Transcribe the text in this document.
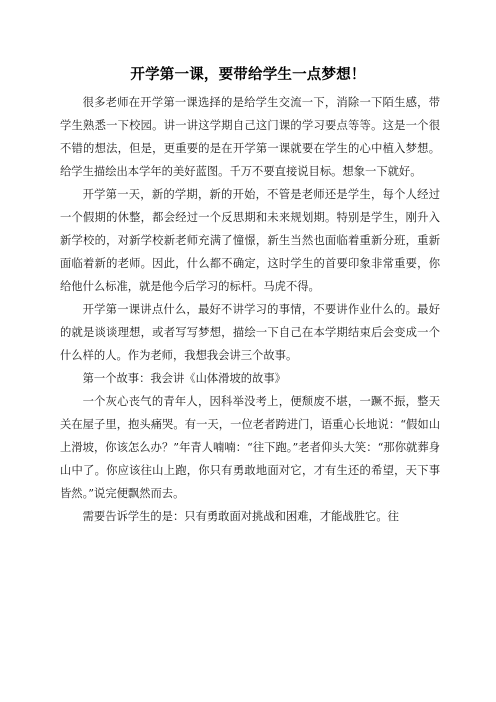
开学第一课，要带给学生一点梦想！

很多老师在开学第一课选择的是给学生交流一下，消除一下陌生感，带学生熟悉一下校园。讲一讲这学期自己这门课的学习要点等等。这是一个很不错的想法，但是，更重要的是在开学第一课就要在学生的心中植入梦想。给学生描绘出本学年的美好蓝图。千万不要直接说目标。想象一下就好。

开学第一天，新的学期，新的开始，不管是老师还是学生，每个人经过一个假期的休整，都会经过一个反思期和未来规划期。特别是学生，刚升入新学校的，对新学校新老师充满了憧憬，新生当然也面临着重新分班，重新面临着新的老师。因此，什么都不确定，这时学生的首要印象非常重要，你给他什么标准，就是他今后学习的标杆。马虎不得。

开学第一课讲点什么，最好不讲学习的事情，不要讲作业什么的。最好的就是谈谈理想，或者写写梦想，描绘一下自己在本学期结束后会变成一个什么样的人。作为老师，我想我会讲三个故事。

第一个故事：我会讲《山体滑坡的故事》

一个灰心丧气的青年人，因科举没考上，便颓废不堪，一蹶不振，整天关在屋子里，抱头痛哭。有一天，一位老者跨进门，语重心长地说：“假如山上滑坡，你该怎么办？”年青人喃喃：“往下跑。”老者仰头大笑：“那你就葬身山中了。你应该往山上跑，你只有勇敢地面对它，才有生还的希望，天下事皆然。”说完便飘然而去。

需要告诉学生的是：只有勇敢面对挑战和困难，才能战胜它。往
